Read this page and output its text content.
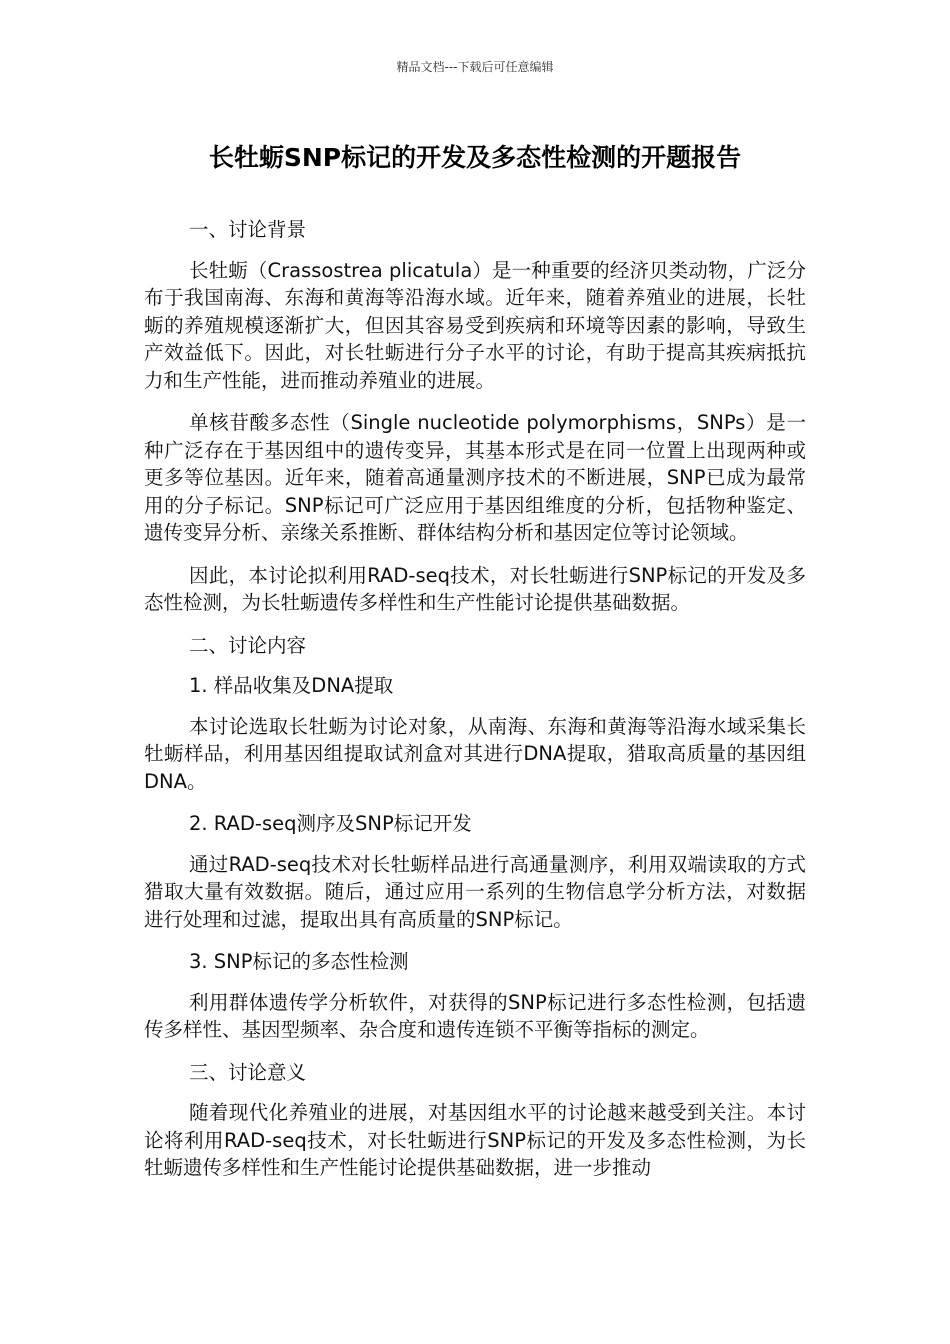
精品文档---下载后可任意编辑
长牡蛎SNP标记的开发及多态性检测的开题报告

一、讨论背景

长牡蛎（Crassostrea plicatula）是一种重要的经济贝类动物，广泛分布于我国南海、东海和黄海等沿海水域。近年来，随着养殖业的进展，长牡蛎的养殖规模逐渐扩大，但因其容易受到疾病和环境等因素的影响，导致生产效益低下。因此，对长牡蛎进行分子水平的讨论，有助于提高其疾病抵抗力和生产性能，进而推动养殖业的进展。

单核苷酸多态性（Single nucleotide polymorphisms，SNPs）是一种广泛存在于基因组中的遗传变异，其基本形式是在同一位置上出现两种或更多等位基因。近年来，随着高通量测序技术的不断进展，SNP已成为最常用的分子标记。SNP标记可广泛应用于基因组维度的分析，包括物种鉴定、遗传变异分析、亲缘关系推断、群体结构分析和基因定位等讨论领域。

因此，本讨论拟利用RAD-seq技术，对长牡蛎进行SNP标记的开发及多态性检测，为长牡蛎遗传多样性和生产性能讨论提供基础数据。

二、讨论内容

1. 样品收集及DNA提取

本讨论选取长牡蛎为讨论对象，从南海、东海和黄海等沿海水域采集长牡蛎样品，利用基因组提取试剂盒对其进行DNA提取，猎取高质量的基因组DNA。

2. RAD-seq测序及SNP标记开发

通过RAD-seq技术对长牡蛎样品进行高通量测序，利用双端读取的方式猎取大量有效数据。随后，通过应用一系列的生物信息学分析方法，对数据进行处理和过滤，提取出具有高质量的SNP标记。

3. SNP标记的多态性检测

利用群体遗传学分析软件，对获得的SNP标记进行多态性检测，包括遗传多样性、基因型频率、杂合度和遗传连锁不平衡等指标的测定。

三、讨论意义

随着现代化养殖业的进展，对基因组水平的讨论越来越受到关注。本讨论将利用RAD-seq技术，对长牡蛎进行SNP标记的开发及多态性检测，为长牡蛎遗传多样性和生产性能讨论提供基础数据，进一步推动
